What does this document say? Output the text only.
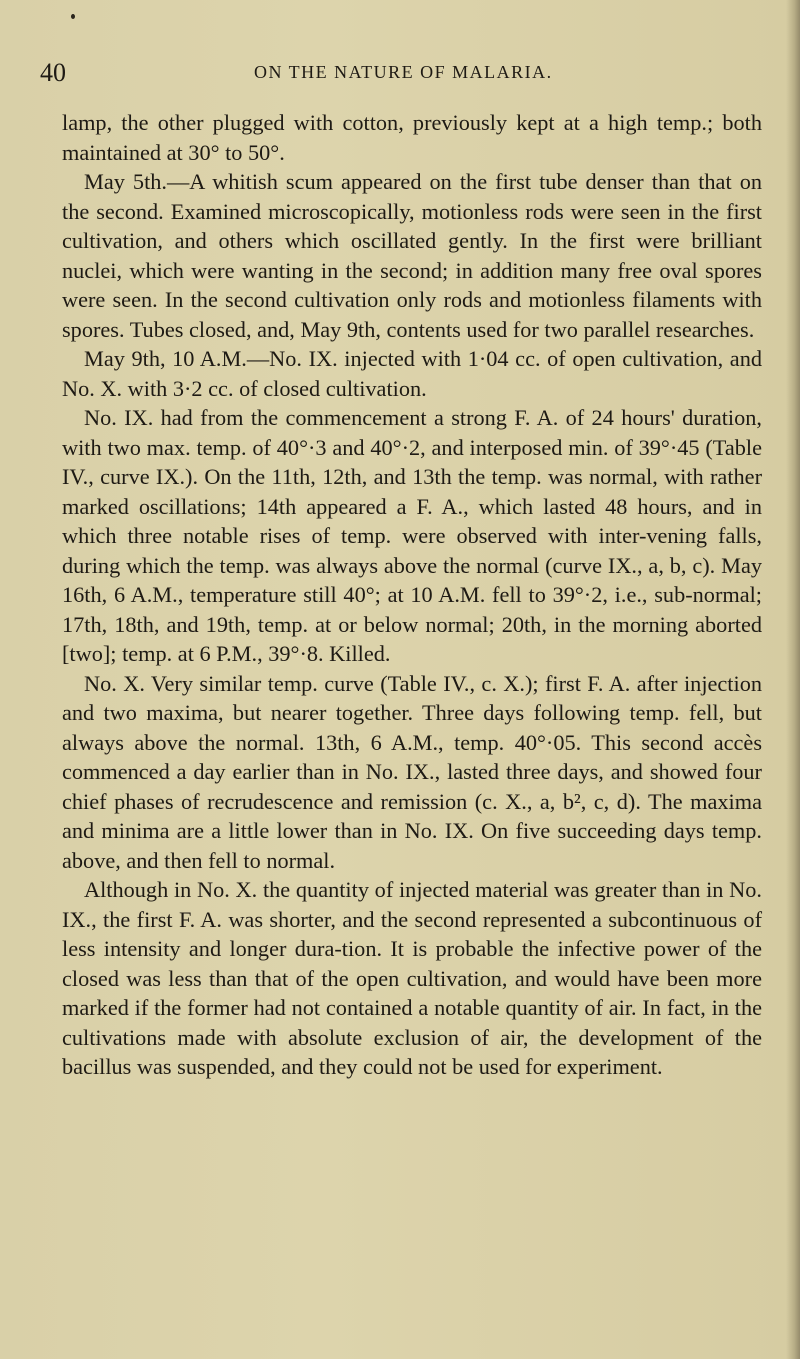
40	ON THE NATURE OF MALARIA.

lamp, the other plugged with cotton, previously kept at a high temp.; both maintained at 30° to 50°.

May 5th.—A whitish scum appeared on the first tube denser than that on the second. Examined microscopically, motionless rods were seen in the first cultivation, and others which oscillated gently. In the first were brilliant nuclei, which were wanting in the second; in addition many free oval spores were seen. In the second cultivation only rods and motionless filaments with spores. Tubes closed, and, May 9th, contents used for two parallel researches.

May 9th, 10 A.M.—No. IX. injected with 1·04 cc. of open cultivation, and No. X. with 3·2 cc. of closed cultivation.

No. IX. had from the commencement a strong F. A. of 24 hours' duration, with two max. temp. of 40°·3 and 40°·2, and interposed min. of 39°·45 (Table IV., curve IX.). On the 11th, 12th, and 13th the temp. was normal, with rather marked oscillations; 14th appeared a F. A., which lasted 48 hours, and in which three notable rises of temp. were observed with inter-vening falls, during which the temp. was always above the normal (curve IX., a, b, c). May 16th, 6 A.M., temperature still 40°; at 10 A.M. fell to 39°·2, i.e., sub-normal; 17th, 18th, and 19th, temp. at or below normal; 20th, in the morning aborted [two]; temp. at 6 P.M., 39°·8. Killed.

No. X. Very similar temp. curve (Table IV., c. X.); first F. A. after injection and two maxima, but nearer together. Three days following temp. fell, but always above the normal. 13th, 6 A.M., temp. 40°·05. This second accès commenced a day earlier than in No. IX., lasted three days, and showed four chief phases of recrudescence and remission (c. X., a, b², c, d). The maxima and minima are a little lower than in No. IX. On five succeeding days temp. above, and then fell to normal.

Although in No. X. the quantity of injected material was greater than in No. IX., the first F. A. was shorter, and the second represented a subcontinuous of less intensity and longer dura-tion. It is probable the infective power of the closed was less than that of the open cultivation, and would have been more marked if the former had not contained a notable quantity of air. In fact, in the cultivations made with absolute exclusion of air, the development of the bacillus was suspended, and they could not be used for experiment.
